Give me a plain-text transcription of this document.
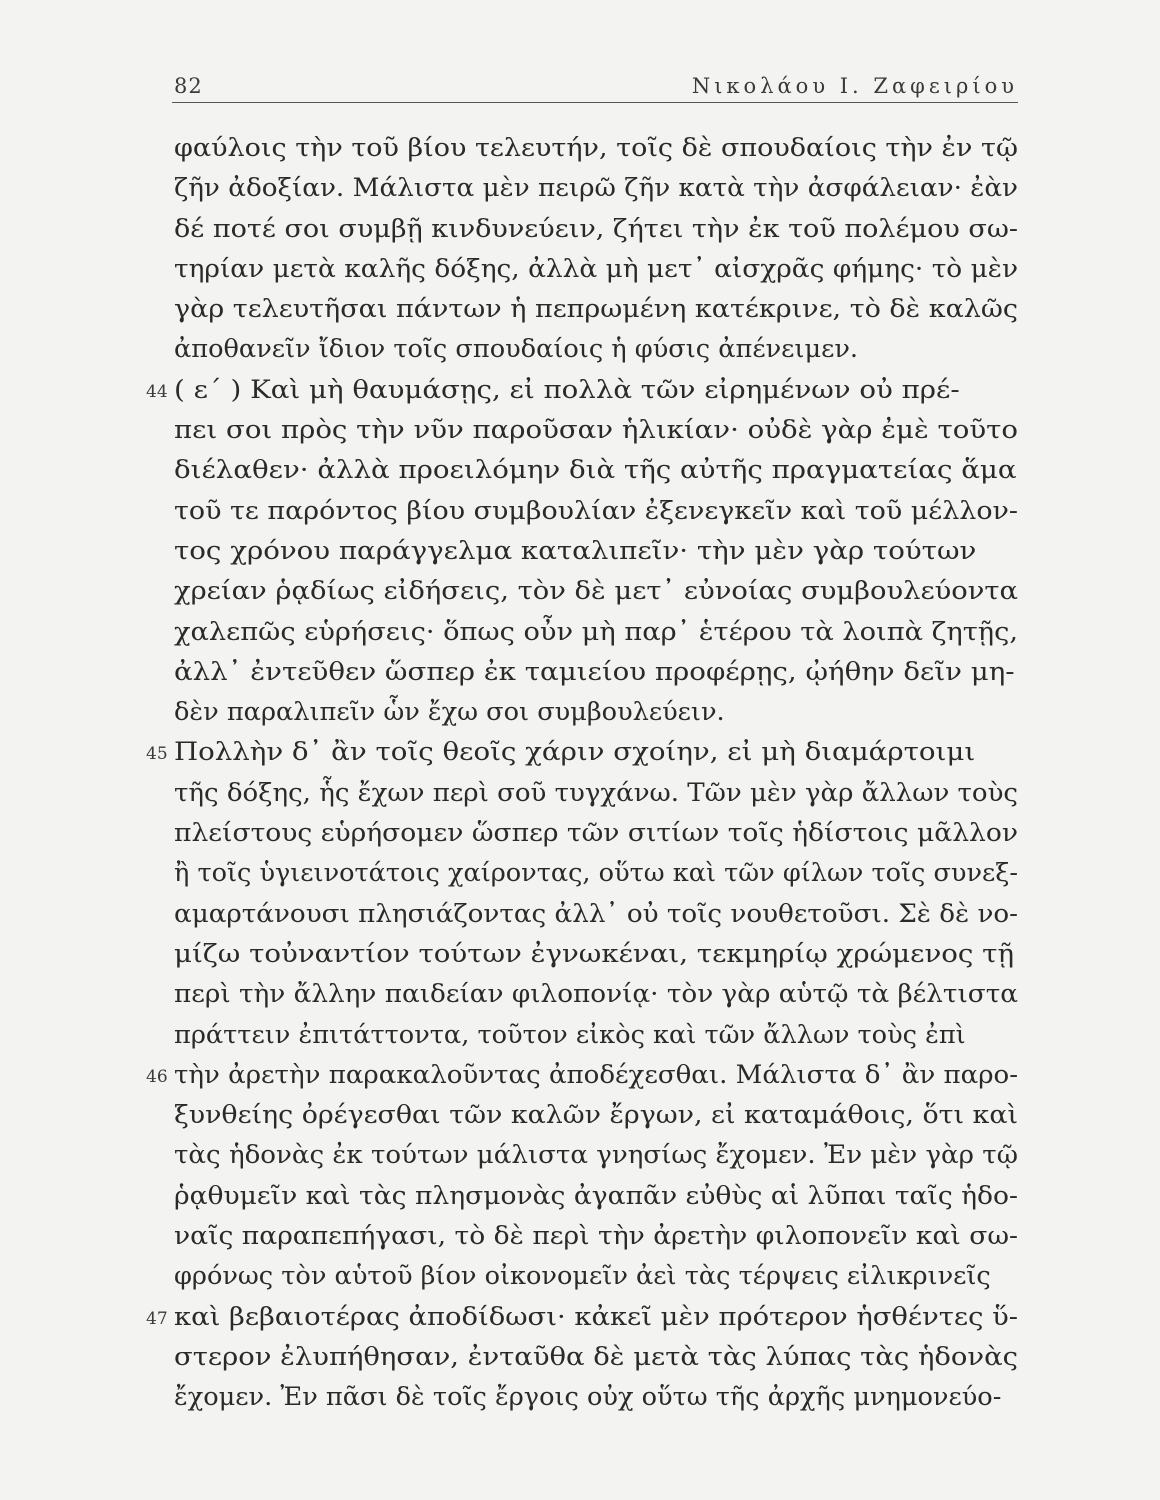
82	Νικολάου Ι. Ζαφειρίου
φαύλοις τὴν τοῦ βίου τελευτήν, τοῖς δὲ σπουδαίοις τὴν ἐν τῷ
ζῆν ἀδοξίαν. Μάλιστα μὲν πειρῶ ζῆν κατὰ τὴν ἀσφάλειαν· ἐὰν
δέ ποτέ σοι συμβῇ κινδυνεύειν, ζήτει τὴν ἐκ τοῦ πολέμου σω-
τηρίαν μετὰ καλῆς δόξης, ἀλλὰ μὴ μετ᾽ αἰσχρᾶς φήμης· τὸ μὲν
γὰρ τελευτῆσαι πάντων ἡ πεπρωμένη κατέκρινε, τὸ δὲ καλῶς
ἀποθανεῖν ἴδιον τοῖς σπουδαίοις ἡ φύσις ἀπένειμεν.
44 ( ε΄ ) Καὶ μὴ θαυμάσῃς, εἰ πολλὰ τῶν εἰρημένων οὐ πρέ-
πει σοι πρὸς τὴν νῦν παροῦσαν ἡλικίαν· οὐδὲ γὰρ ἐμὲ τοῦτο
διέλαθεν· ἀλλὰ προειλόμην διὰ τῆς αὐτῆς πραγματείας ἅμα
τοῦ τε παρόντος βίου συμβουλίαν ἐξενεγκεῖν καὶ τοῦ μέλλον-
τος χρόνου παράγγελμα καταλιπεῖν· τὴν μὲν γὰρ τούτων
χρείαν ῥᾳδίως εἰδήσεις, τὸν δὲ μετ᾽ εὐνοίας συμβουλεύοντα
χαλεπῶς εὑρήσεις· ὅπως οὖν μὴ παρ᾽ ἑτέρου τὰ λοιπὰ ζητῇς,
ἀλλ᾽ ἐντεῦθεν ὥσπερ ἐκ ταμιείου προφέρῃς, ᾠήθην δεῖν μη-
δὲν παραλιπεῖν ὧν ἔχω σοι συμβουλεύειν.
45 Πολλὴν δ᾽ ἂν τοῖς θεοῖς χάριν σχοίην, εἰ μὴ διαμάρτοιμι
τῆς δόξης, ἧς ἔχων περὶ σοῦ τυγχάνω. Τῶν μὲν γὰρ ἄλλων τοὺς
πλείστους εὑρήσομεν ὥσπερ τῶν σιτίων τοῖς ἡδίστοις μᾶλλον
ἢ τοῖς ὑγιεινοτάτοις χαίροντας, οὕτω καὶ τῶν φίλων τοῖς συνεξ-
αμαρτάνουσι πλησιάζοντας ἀλλ᾽ οὐ τοῖς νουθετοῦσι. Σὲ δὲ νο-
μίζω τοὐναντίον τούτων ἐγνωκέναι, τεκμηρίῳ χρώμενος τῇ
περὶ τὴν ἄλλην παιδείαν φιλοπονίᾳ· τὸν γὰρ αὑτῷ τὰ βέλτιστα
πράττειν ἐπιτάττοντα, τοῦτον εἰκὸς καὶ τῶν ἄλλων τοὺς ἐπὶ
46 τὴν ἀρετὴν παρακαλοῦντας ἀποδέχεσθαι. Μάλιστα δ᾽ ἂν παρο-
ξυνθείης ὀρέγεσθαι τῶν καλῶν ἔργων, εἰ καταμάθοις, ὅτι καὶ
τὰς ἡδονὰς ἐκ τούτων μάλιστα γνησίως ἔχομεν. Ἐν μὲν γὰρ τῷ
ῥᾳθυμεῖν καὶ τὰς πλησμονὰς ἀγαπᾶν εὐθὺς αἱ λῦπαι ταῖς ἡδο-
ναῖς παραπεπήγασι, τὸ δὲ περὶ τὴν ἀρετὴν φιλοπονεῖν καὶ σω-
φρόνως τὸν αὑτοῦ βίον οἰκονομεῖν ἀεὶ τὰς τέρψεις εἰλικρινεῖς
47 καὶ βεβαιοτέρας ἀποδίδωσι· κἀκεῖ μὲν πρότερον ἡσθέντες ὕ-
στερον ἐλυπήθησαν, ἐνταῦθα δὲ μετὰ τὰς λύπας τὰς ἡδονὰς
ἔχομεν. Ἐν πᾶσι δὲ τοῖς ἔργοις οὐχ οὕτω τῆς ἀρχῆς μνημονεύο-
